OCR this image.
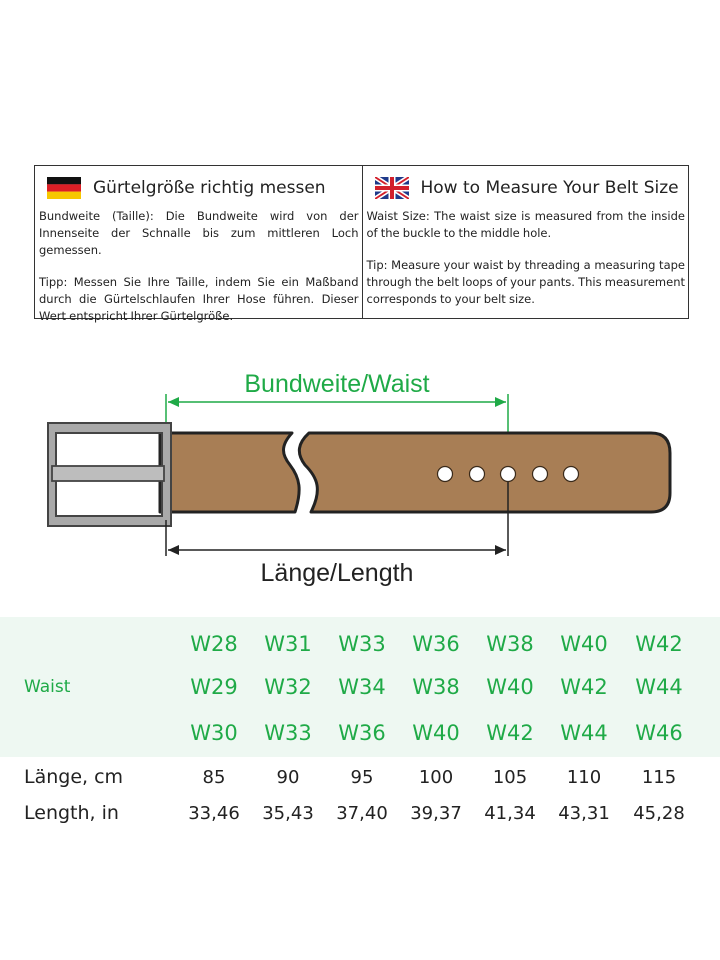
Gürtelgröße richtig messen

Bundweite (Taille): Die Bundweite wird von der Innenseite der Schnalle bis zum mittleren Loch gemessen.

Tipp: Messen Sie Ihre Taille, indem Sie ein Maßband durch die Gürtelschlaufen Ihrer Hose führen. Dieser Wert entspricht Ihrer Gürtelgröße.

How to Measure Your Belt Size

Waist Size: The waist size is measured from the inside of the buckle to the middle hole.

Tip: Measure your waist by threading a measuring tape through the belt loops of your pants. This measurement corresponds to your belt size.

Bundweite/Waist
Länge/Length
Waist
W28	W31	W33	W36	W38	W40	W42
W29	W32	W34	W38	W40	W42	W44
W30	W33	W36	W40	W42	W44	W46
Länge, cm	85	90	95	100	105	110	115
Length, in	33,46	35,43	37,40	39,37	41,34	43,31	45,28
